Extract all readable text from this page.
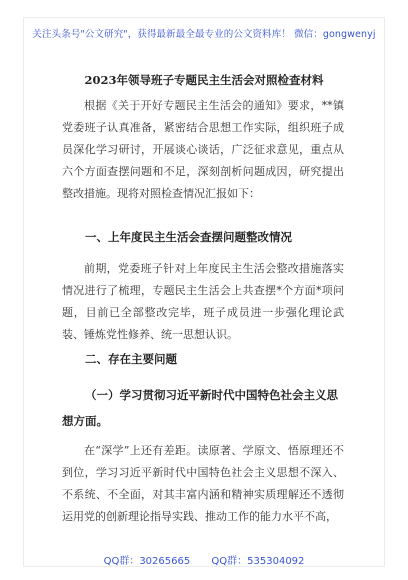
关注头条号"公文研究"，获得最新最全最专业的公文资料库！ 微信：gongwenyj
2023年领导班子专题民主生活会对照检查材料
根据《关于开好专题民主生活会的通知》要求，**镇党委班子认真准备，紧密结合思想工作实际，组织班子成员深化学习研讨，开展谈心谈话，广泛征求意见，重点从六个方面查摆问题和不足，深刻剖析问题成因，研究提出整改措施。现将对照检查情况汇报如下：
一、上年度民主生活会查摆问题整改情况
前期，党委班子针对上年度民主生活会整改措施落实情况进行了梳理，专题民主生活会上共查摆*个方面*项问题，目前已全部整改完毕，班子成员进一步强化理论武装、锤炼党性修养、统一思想认识。
二、存在主要问题
（一）学习贯彻习近平新时代中国特色社会主义思想方面。
在“深学”上还有差距。读原著、学原文、悟原理还不到位，学习习近平新时代中国特色社会主义思想不深入、不系统、不全面，对其丰富内涵和精神实质理解还不透彻运用党的创新理论指导实践、推动工作的能力水平不高，
QQ群：30265665 QQ群：535304092
